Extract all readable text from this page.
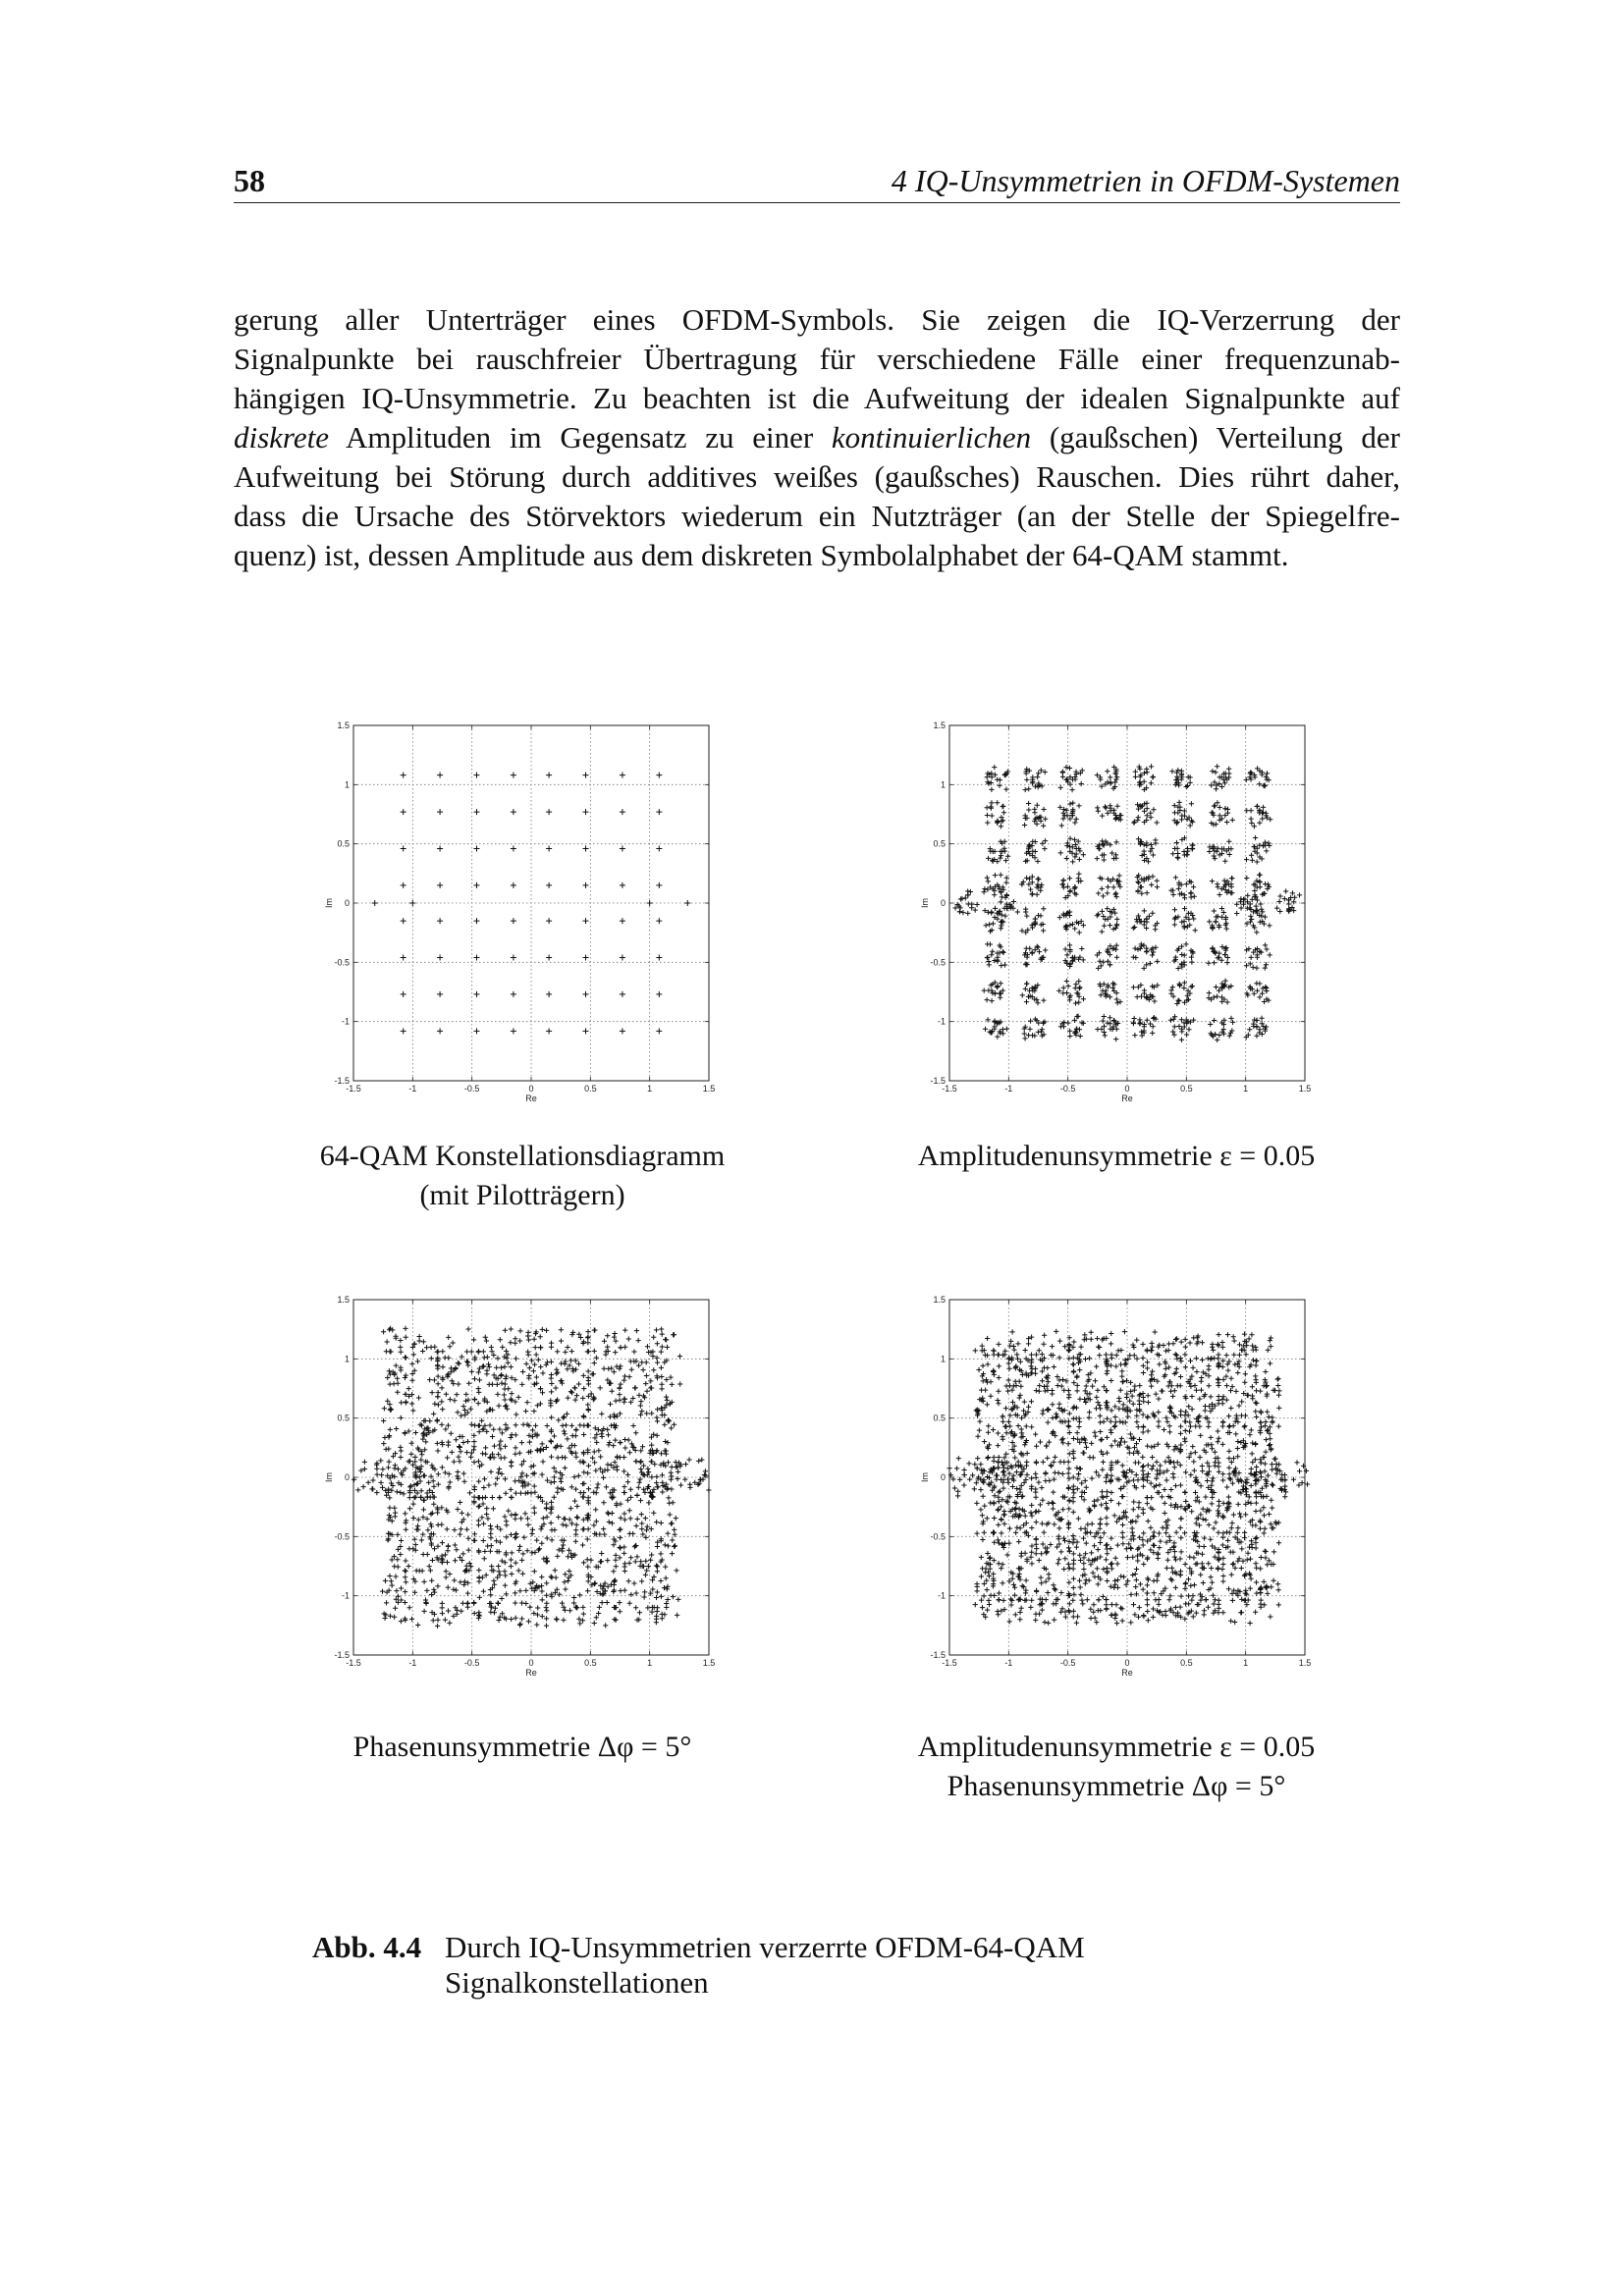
58	4 IQ-Unsymmetrien in OFDM-Systemen
gerung aller Unterträger eines OFDM-Symbols. Sie zeigen die IQ-Verzerrung der
Signalpunkte bei rauschfreier Übertragung für verschiedene Fälle einer frequenzunab-
hängigen IQ-Unsymmetrie. Zu beachten ist die Aufweitung der idealen Signalpunkte auf
diskrete Amplituden im Gegensatz zu einer kontinuierlichen (gaußschen) Verteilung der
Aufweitung bei Störung durch additives weißes (gaußsches) Rauschen. Dies rührt daher,
dass die Ursache des Störvektors wiederum ein Nutzträger (an der Stelle der Spiegelfre-
quenz) ist, dessen Amplitude aus dem diskreten Symbolalphabet der 64-QAM stammt.
-1.5	-1	-0.5	0	0.5	1	1.5
1.5
1
0.5
0
-0.5
-1
-1.5
Re
Im
-1.5	-1	-0.5	0	0.5	1	1.5
1.5
1
0.5
0
-0.5
-1
-1.5
Re
Im
-1.5	-1	-0.5	0	0.5	1	1.5
1.5
1
0.5
0
-0.5
-1
-1.5
Re
Im
-1.5	-1	-0.5	0	0.5	1	1.5
1.5
1
0.5
0
-0.5
-1
-1.5
Re
Im
64-QAM Konstellationsdiagramm
(mit Pilotträgern)
Amplitudenunsymmetrie ε = 0.05
Phasenunsymmetrie Δφ = 5°	Amplitudenunsymmetrie ε = 0.05
Phasenunsymmetrie Δφ = 5°
Abb. 4.4 Durch IQ-Unsymmetrien verzerrte OFDM-64-QAM
Signalkonstellationen
